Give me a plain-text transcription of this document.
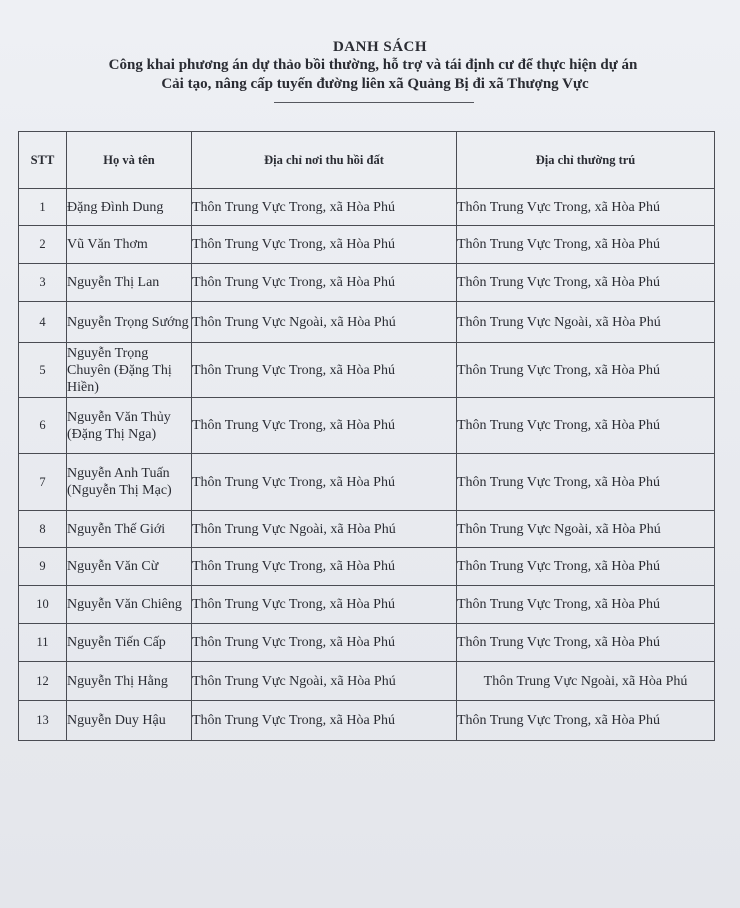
DANH SÁCH
Công khai phương án dự thảo bồi thường, hỗ trợ và tái định cư để thực hiện dự án
Cải tạo, nâng cấp tuyến đường liên xã Quảng Bị đi xã Thượng Vực
STT	Họ và tên	Địa chỉ nơi thu hồi đất	Địa chỉ thường trú
1	Đặng Đình Dung	Thôn Trung Vực Trong, xã Hòa Phú	Thôn Trung Vực Trong, xã Hòa Phú
2	Vũ Văn Thơm	Thôn Trung Vực Trong, xã Hòa Phú	Thôn Trung Vực Trong, xã Hòa Phú
3	Nguyễn Thị Lan	Thôn Trung Vực Trong, xã Hòa Phú	Thôn Trung Vực Trong, xã Hòa Phú
4	Nguyễn Trọng Sướng	Thôn Trung Vực Ngoài, xã Hòa Phú	Thôn Trung Vực Ngoài, xã Hòa Phú
5	Nguyễn Trọng Chuyên (Đặng Thị Hiền)	Thôn Trung Vực Trong, xã Hòa Phú	Thôn Trung Vực Trong, xã Hòa Phú
6	Nguyễn Văn Thủy (Đặng Thị Nga)	Thôn Trung Vực Trong, xã Hòa Phú	Thôn Trung Vực Trong, xã Hòa Phú
7	Nguyễn Anh Tuấn (Nguyễn Thị Mạc)	Thôn Trung Vực Trong, xã Hòa Phú	Thôn Trung Vực Trong, xã Hòa Phú
8	Nguyễn Thế Giới	Thôn Trung Vực Ngoài, xã Hòa Phú	Thôn Trung Vực Ngoài, xã Hòa Phú
9	Nguyễn Văn Cừ	Thôn Trung Vực Trong, xã Hòa Phú	Thôn Trung Vực Trong, xã Hòa Phú
10	Nguyễn Văn Chiêng	Thôn Trung Vực Trong, xã Hòa Phú	Thôn Trung Vực Trong, xã Hòa Phú
11	Nguyễn Tiến Cấp	Thôn Trung Vực Trong, xã Hòa Phú	Thôn Trung Vực Trong, xã Hòa Phú
12	Nguyễn Thị Hằng	Thôn Trung Vực Ngoài, xã Hòa Phú	Thôn Trung Vực Ngoài, xã Hòa Phú
13	Nguyễn Duy Hậu	Thôn Trung Vực Trong, xã Hòa Phú	Thôn Trung Vực Trong, xã Hòa Phú
